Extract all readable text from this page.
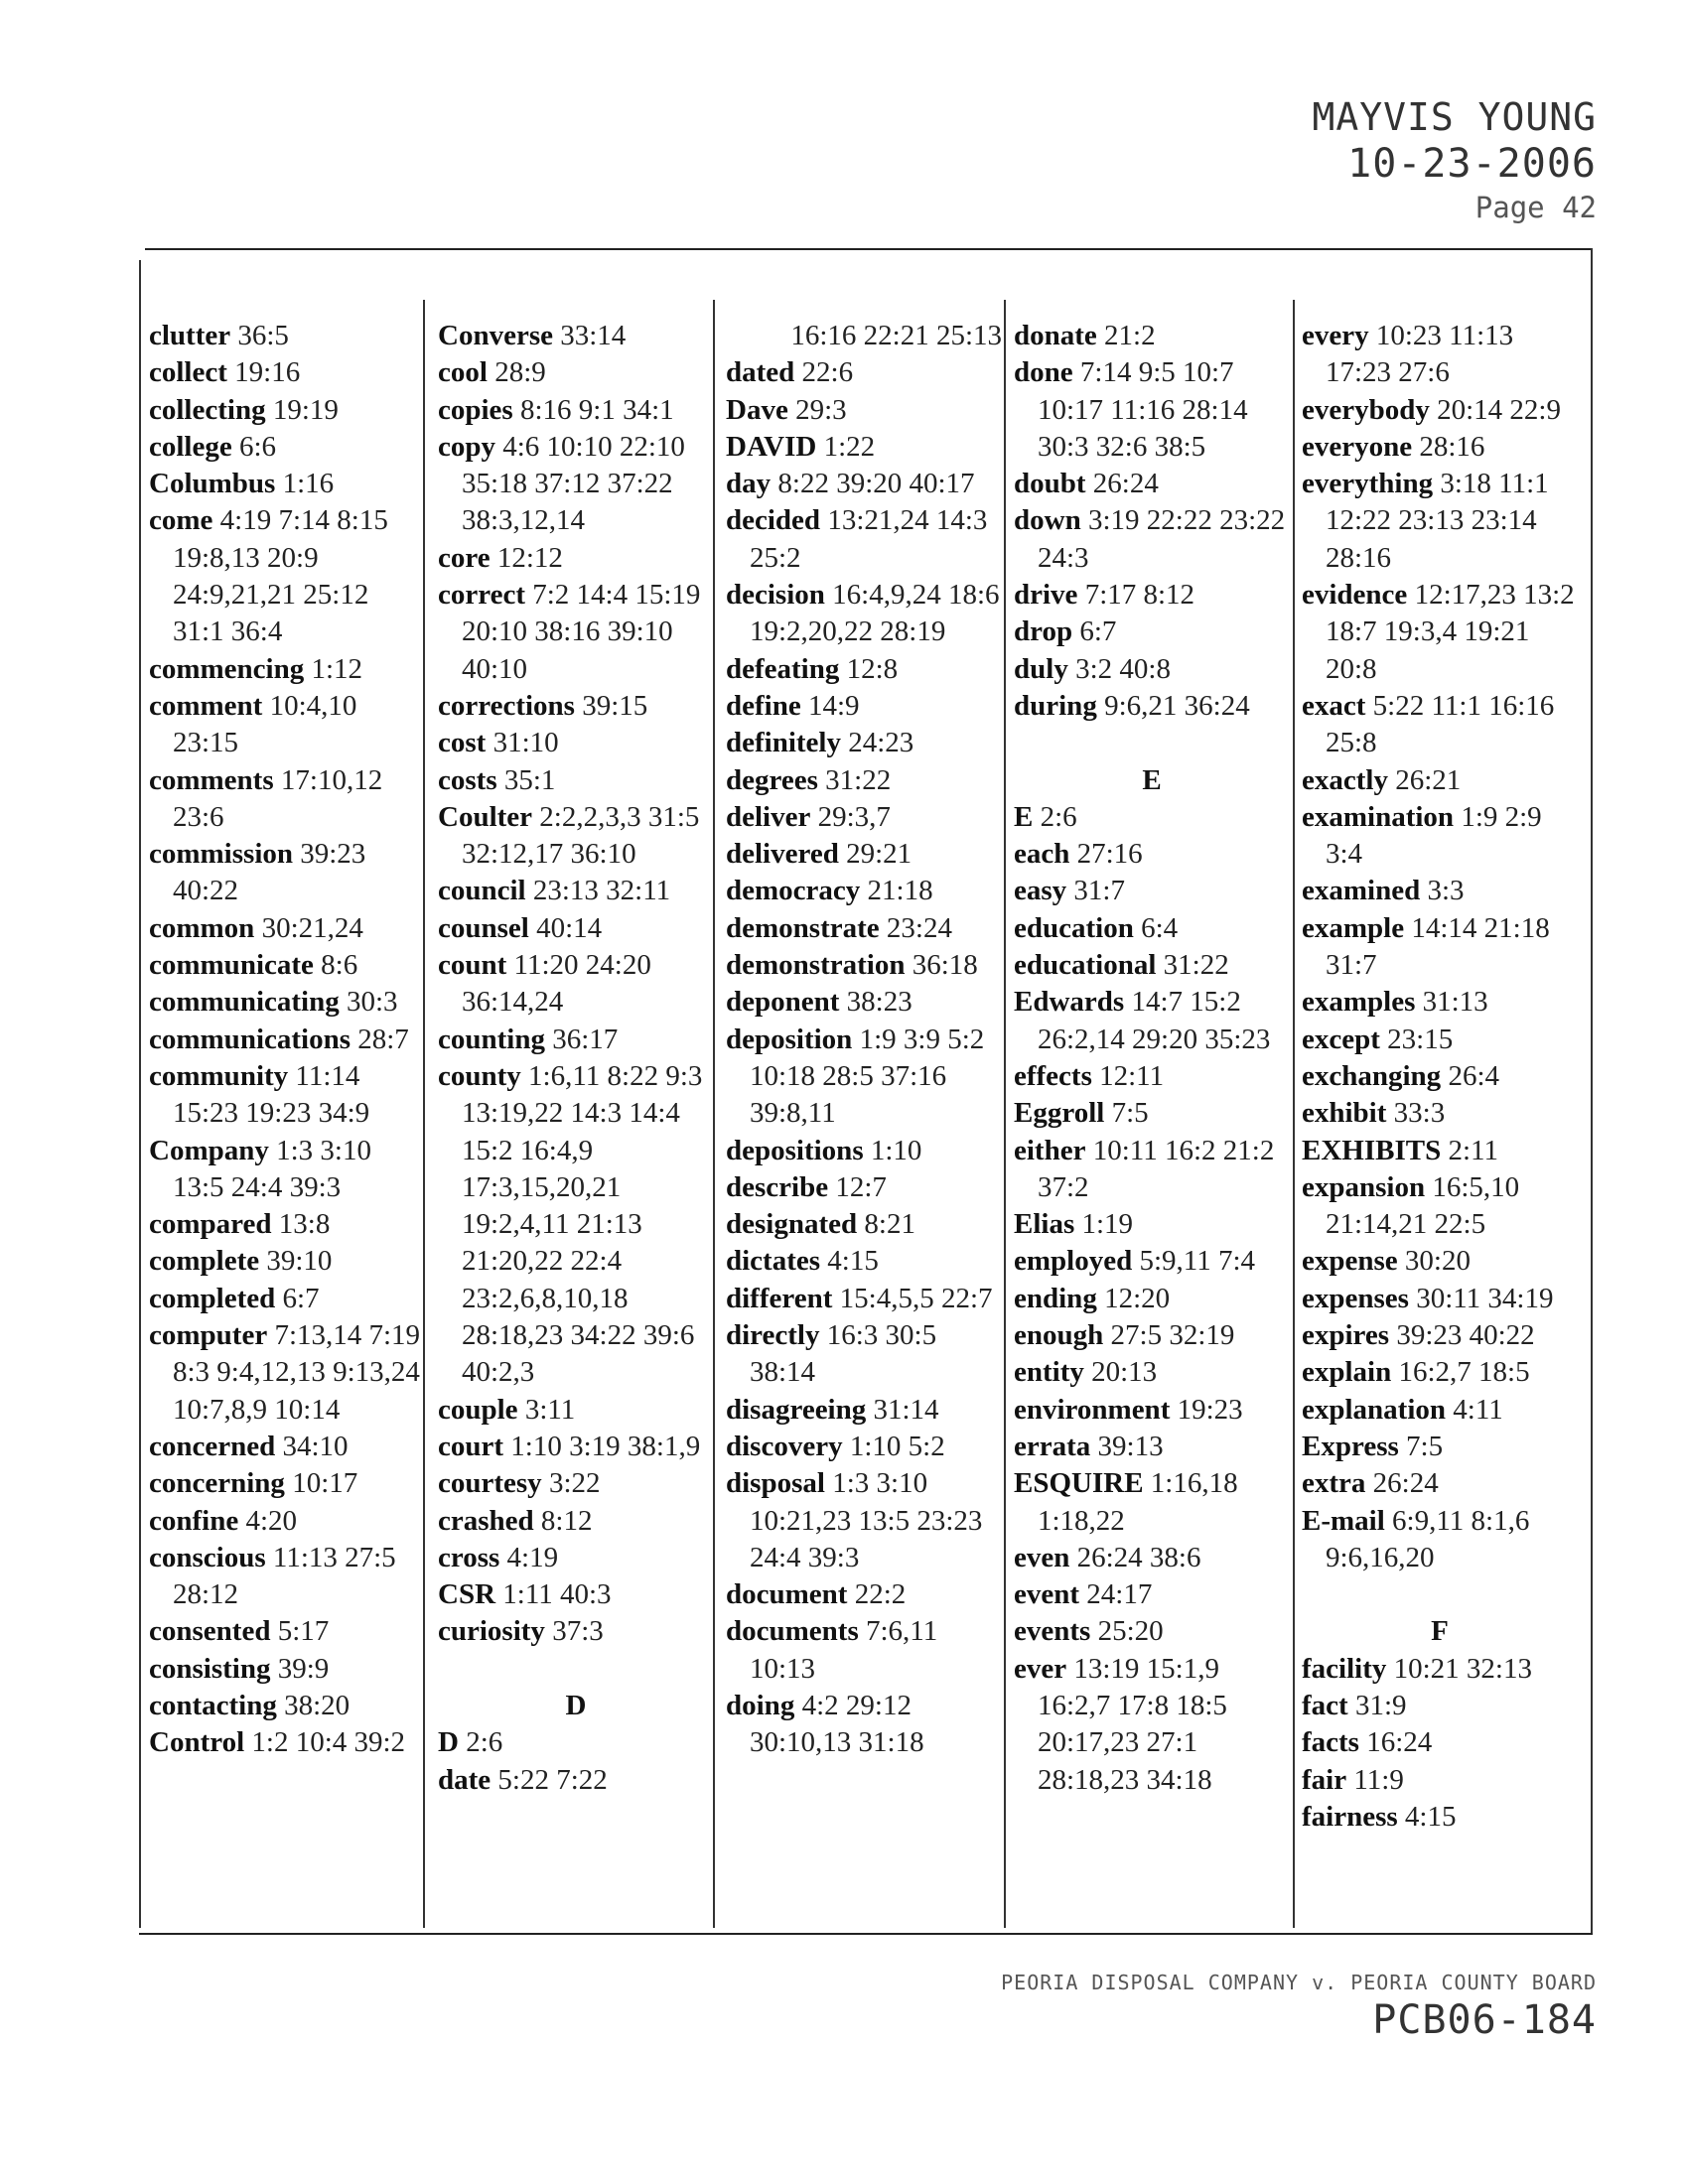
MAYVIS YOUNG
10-23-2006
Page 42
clutter 36:5
collect 19:16
collecting 19:19
college 6:6
Columbus 1:16
come 4:19 7:14 8:15 19:8,13 20:9 24:9,21,21 25:12 31:1 36:4
commencing 1:12
comment 10:4,10 23:15
comments 17:10,12 23:6
commission 39:23 40:22
common 30:21,24
communicate 8:6
communicating 30:3
communications 28:7
community 11:14 15:23 19:23 34:9
Company 1:3 3:10 13:5 24:4 39:3
compared 13:8
complete 39:10
completed 6:7
computer 7:13,14 7:19 8:3 9:4,12,13 9:13,24 10:7,8,9 10:14
concerned 34:10
concerning 10:17
confine 4:20
conscious 11:13 27:5 28:12
consented 5:17
consisting 39:9
contacting 38:20
Control 1:2 10:4 39:2
Converse 33:14
cool 28:9
copies 8:16 9:1 34:1
copy 4:6 10:10 22:10 35:18 37:12 37:22 38:3,12,14
core 12:12
correct 7:2 14:4 15:19 20:10 38:16 39:10 40:10
corrections 39:15
cost 31:10
costs 35:1
Coulter 2:2,2,3,3 31:5 32:12,17 36:10
council 23:13 32:11
counsel 40:14
count 11:20 24:20 36:14,24
counting 36:17
county 1:6,11 8:22 9:3 13:19,22 14:3 14:4 15:2 16:4,9 17:3,15,20,21 19:2,4,11 21:13 21:20,22 22:4 23:2,6,8,10,18 28:18,23 34:22 39:6 40:2,3
couple 3:11
court 1:10 3:19 38:1,9
courtesy 3:22
crashed 8:12
cross 4:19
CSR 1:11 40:3
curiosity 37:3

D
D 2:6
date 5:22 7:22
16:16 22:21 25:13
dated 22:6
Dave 29:3
DAVID 1:22
day 8:22 39:20 40:17
decided 13:21,24 14:3 25:2
decision 16:4,9,24 18:6 19:2,20,22 28:19
defeating 12:8
define 14:9
definitely 24:23
degrees 31:22
deliver 29:3,7
delivered 29:21
democracy 21:18
demonstrate 23:24
demonstration 36:18
deponent 38:23
deposition 1:9 3:9 5:2 10:18 28:5 37:16 39:8,11
depositions 1:10
describe 12:7
designated 8:21
dictates 4:15
different 15:4,5,5 22:7
directly 16:3 30:5 38:14
disagreeing 31:14
discovery 1:10 5:2
disposal 1:3 3:10 10:21,23 13:5 23:23 24:4 39:3
document 22:2
documents 7:6,11 10:13
doing 4:2 29:12 30:10,13 31:18
donate 21:2
done 7:14 9:5 10:7 10:17 11:16 28:14 30:3 32:6 38:5
doubt 26:24
down 3:19 22:22 23:22 24:3
drive 7:17 8:12
drop 6:7
duly 3:2 40:8
during 9:6,21 36:24

E
E 2:6
each 27:16
easy 31:7
education 6:4
educational 31:22
Edwards 14:7 15:2 26:2,14 29:20 35:23
effects 12:11
Eggroll 7:5
either 10:11 16:2 21:2 37:2
Elias 1:19
employed 5:9,11 7:4
ending 12:20
enough 27:5 32:19
entity 20:13
environment 19:23
errata 39:13
ESQUIRE 1:16,18 1:18,22
even 26:24 38:6
event 24:17
events 25:20
ever 13:19 15:1,9 16:2,7 17:8 18:5 20:17,23 27:1 28:18,23 34:18
every 10:23 11:13 17:23 27:6
everybody 20:14 22:9
everyone 28:16
everything 3:18 11:1 12:22 23:13 23:14 28:16
evidence 12:17,23 13:2 18:7 19:3,4 19:21 20:8
exact 5:22 11:1 16:16 25:8
exactly 26:21
examination 1:9 2:9 3:4
examined 3:3
example 14:14 21:18 31:7
examples 31:13
except 23:15
exchanging 26:4
exhibit 33:3
EXHIBITS 2:11
expansion 16:5,10 21:14,21 22:5
expense 30:20
expenses 30:11 34:19
expires 39:23 40:22
explain 16:2,7 18:5
explanation 4:11
Express 7:5
extra 26:24
E-mail 6:9,11 8:1,6 9:6,16,20

F
facility 10:21 32:13
fact 31:9
facts 16:24
fair 11:9
fairness 4:15
PEORIA DISPOSAL COMPANY v. PEORIA COUNTY BOARD
PCB06-184
